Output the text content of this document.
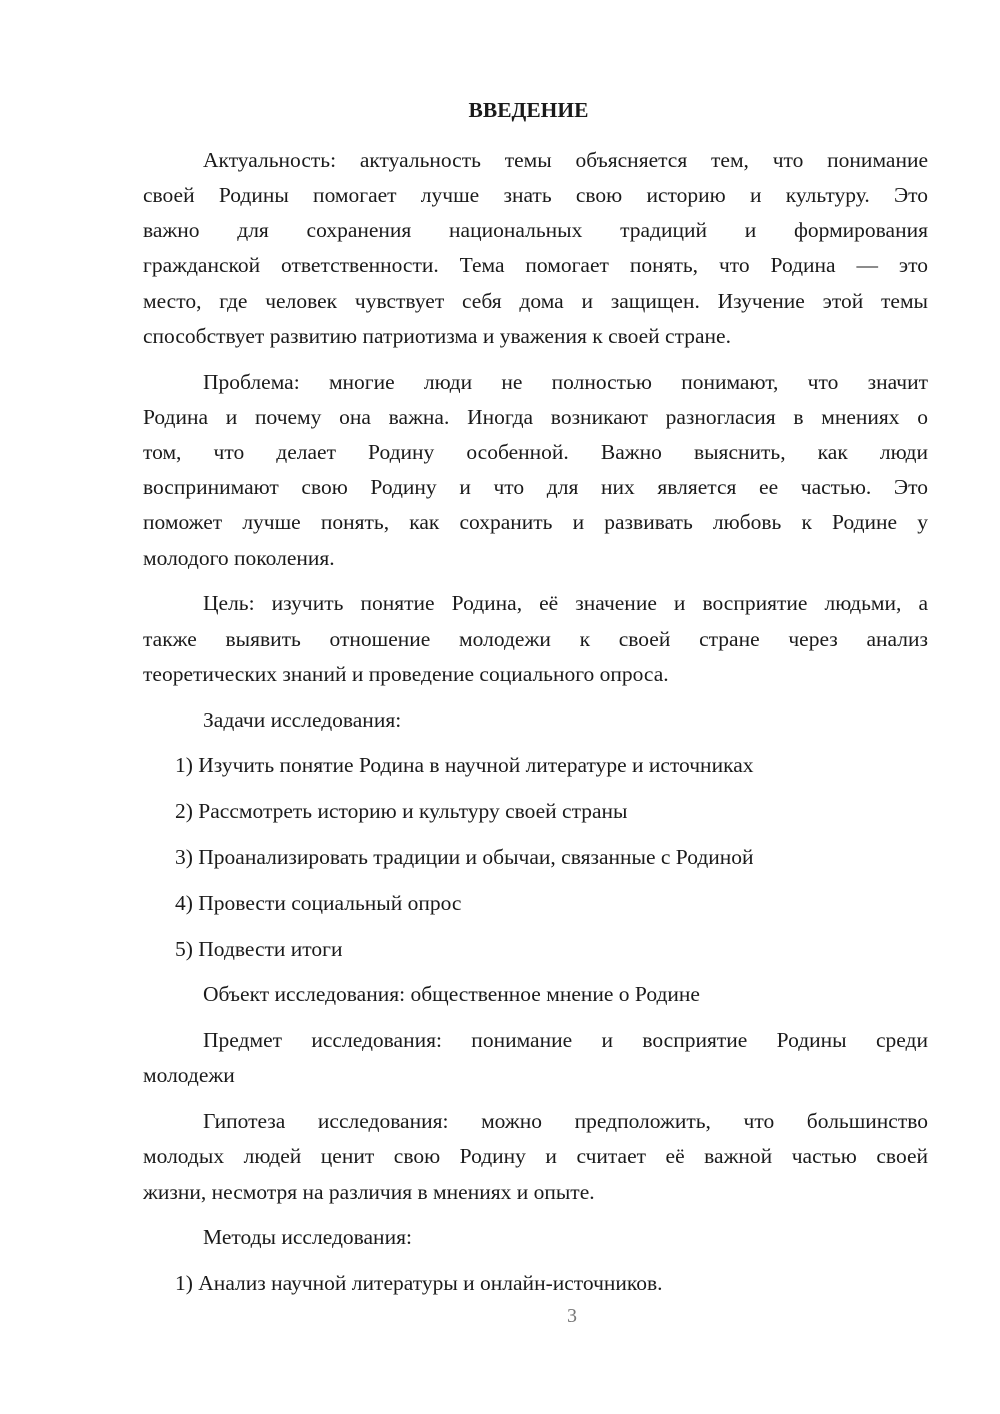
ВВЕДЕНИЕ
Актуальность: актуальность темы объясняется тем, что понимание
своей Родины помогает лучше знать свою историю и культуру. Это
важно для сохранения национальных традиций и формирования
гражданской ответственности. Тема помогает понять, что Родина — это
место, где человек чувствует себя дома и защищен. Изучение этой темы
способствует развитию патриотизма и уважения к своей стране.
Проблема: многие люди не полностью понимают, что значит
Родина и почему она важна. Иногда возникают разногласия в мнениях о
том, что делает Родину особенной. Важно выяснить, как люди
воспринимают свою Родину и что для них является ее частью. Это
поможет лучше понять, как сохранить и развивать любовь к Родине у
молодого поколения.
Цель: изучить понятие Родина, её значение и восприятие людьми, а
также выявить отношение молодежи к своей стране через анализ
теоретических знаний и проведение социального опроса.
Задачи исследования:
1) Изучить понятие Родина в научной литературе и источниках
2) Рассмотреть историю и культуру своей страны
3) Проанализировать традиции и обычаи, связанные с Родиной
4) Провести социальный опрос
5) Подвести итоги
Объект исследования: общественное мнение о Родине
Предмет исследования: понимание и восприятие Родины среди
молодежи
Гипотеза исследования: можно предположить, что большинство
молодых людей ценит свою Родину и считает её важной частью своей
жизни, несмотря на различия в мнениях и опыте.
Методы исследования:
1) Анализ научной литературы и онлайн-источников.
3
